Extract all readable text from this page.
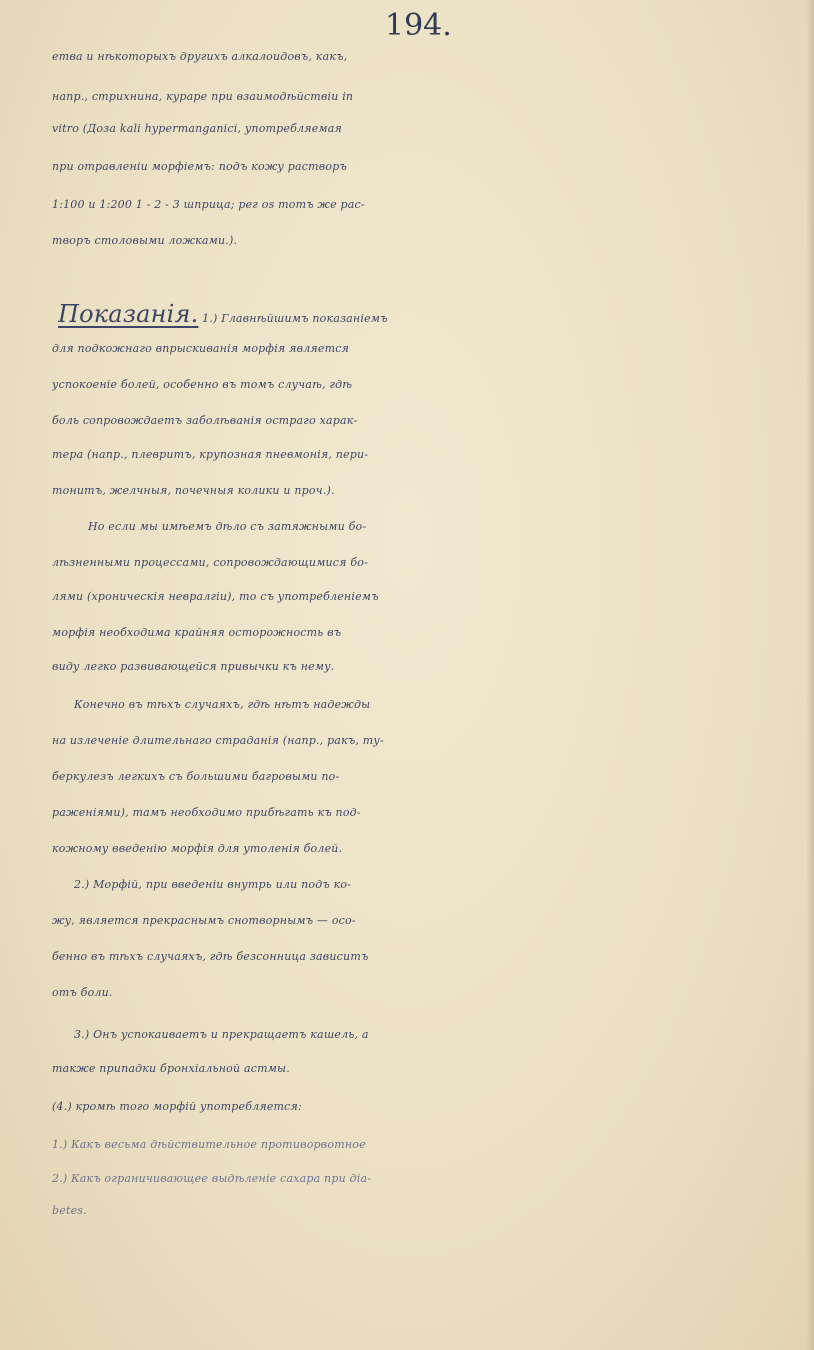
194.
етвa и нѣкоторыхъ другихъ алкалоидовъ, какъ,
напр., стрихнина, кураре при взаимодѣйствіи in
vitro (Доза kali hypermanganici, употребляемая
при отравленіи морфіемъ: подъ кожу растворъ
1:100 и 1:200 1 - 2 - 3 шприца; рег os тотъ же рас-
творъ столовыми ложками.).
Показанія. 1.) Главнѣйшимъ показаніемъ
для подкожнаго впрыскиванія морфія является
успокоеніе болей, особенно въ томъ случаѣ, гдѣ
боль сопровождаетъ заболѣванія острaго харак-
тера (напр., плевритъ, крупозная пневмонія, пери-
тонитъ, желчныя, почечныя колики и проч.).
Но если мы имѣемъ дѣло съ затяжными бо-
лѣзненными процессами, сопровождающимися бо-
лями (хроническія невралгіи), то съ употребленіемъ
морфія необходима крайняя осторожность въ
виду легко развивающейся привычки къ нему.
Конечно въ тѣхъ случаяхъ, гдѣ нѣтъ надежды
на излеченіе длительнаго страданія (напр., ракъ, ту-
беркулезъ легкихъ съ большими багровыми по-
ражeніями), тамъ необходимо прибѣгать къ под-
кожному введенію морфія для утоленія болей.
2.) Морфій, при введеніи внутрь или подъ ко-
жу, является прекраснымъ снотворнымъ — осо-
бенно въ тѣхъ случаяхъ, гдѣ безсонница зависитъ
отъ боли.
3.) Онъ успокаиваетъ и прекращаетъ кашель, а
также припадки бронхіальной астмы.
(4.) кромѣ того морфій употребляется:
1.) Какъ весьма дѣйствительное противорвотное
2.) Какъ ограничивающее выдѣленіе сахара при діа-
betes.
